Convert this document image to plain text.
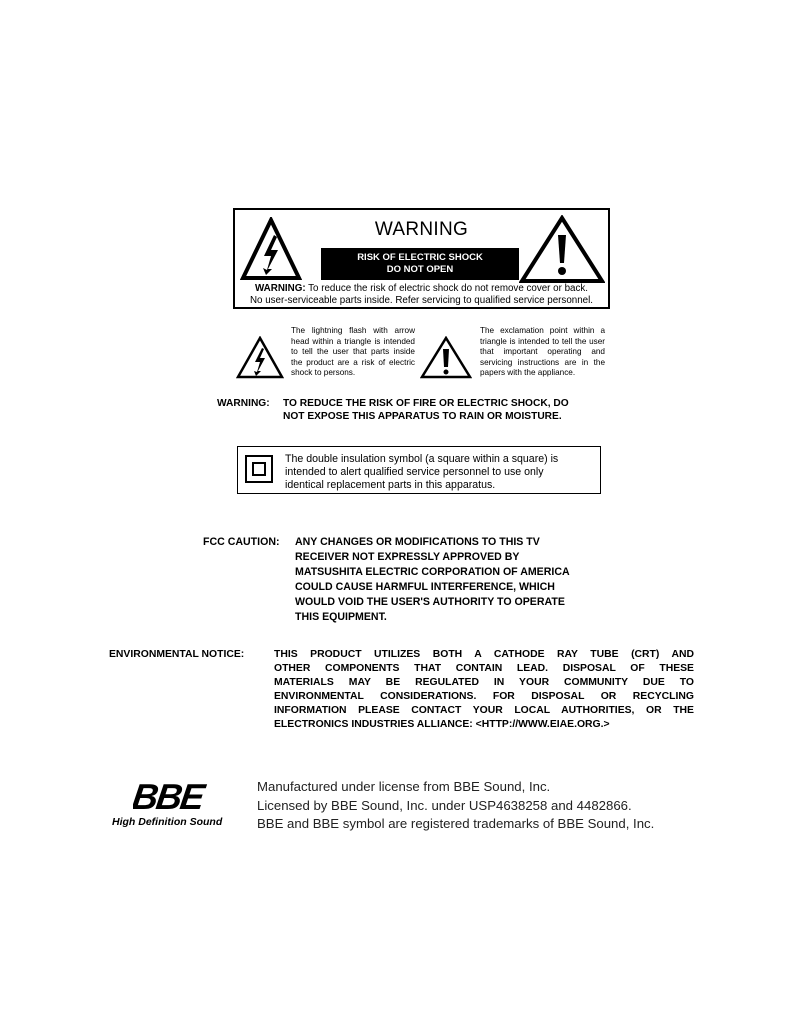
WARNING
RISK OF ELECTRIC SHOCK
DO NOT OPEN
WARNING: To reduce the risk of electric shock do not remove cover or back.
No user-serviceable parts inside. Refer servicing to qualified service personnel.
The lightning flash with arrow head within a triangle is intended to tell the user that parts inside the product are a risk of electric shock to persons.
The exclamation point within a triangle is intended to tell the user that important operating and servicing instructions are in the papers with the appliance.
WARNING: TO REDUCE THE RISK OF FIRE OR ELECTRIC SHOCK, DO
NOT EXPOSE THIS APPARATUS TO RAIN OR MOISTURE.
The double insulation symbol (a square within a square) is
intended to alert qualified service personnel to use only
identical replacement parts in this apparatus.
FCC CAUTION: ANY CHANGES OR MODIFICATIONS TO THIS TV
RECEIVER NOT EXPRESSLY APPROVED BY
MATSUSHITA ELECTRIC CORPORATION OF AMERICA
COULD CAUSE HARMFUL INTERFERENCE, WHICH
WOULD VOID THE USER'S AUTHORITY TO OPERATE
THIS EQUIPMENT.
ENVIRONMENTAL NOTICE:	THIS PRODUCT UTILIZES BOTH A CATHODE RAY TUBE (CRT) AND
OTHER COMPONENTS THAT CONTAIN LEAD. DISPOSAL OF THESE
MATERIALS MAY BE REGULATED IN YOUR COMMUNITY DUE TO
ENVIRONMENTAL CONSIDERATIONS. FOR DISPOSAL OR RECYCLING
INFORMATION PLEASE CONTACT YOUR LOCAL AUTHORITIES, OR THE
ELECTRONICS INDUSTRIES ALLIANCE: <HTTP://WWW.EIAE.ORG.>
BBE
High Definition Sound
Manufactured under license from BBE Sound, Inc.
Licensed by BBE Sound, Inc. under USP4638258 and 4482866.
BBE and BBE symbol are registered trademarks of BBE Sound, Inc.
